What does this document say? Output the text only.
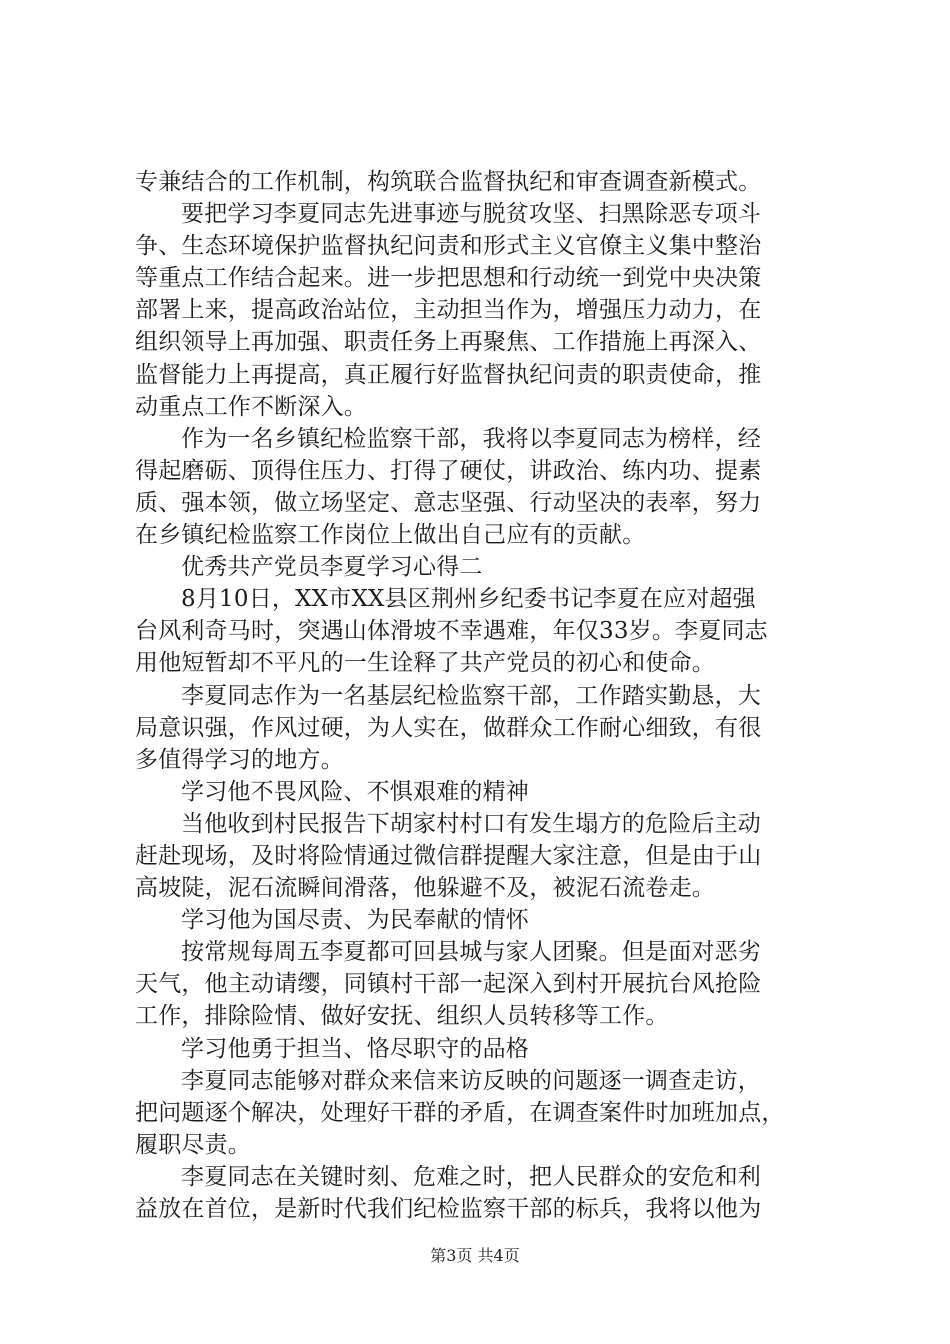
专兼结合的工作机制，构筑联合监督执纪和审查调查新模式。
要把学习李夏同志先进事迹与脱贫攻坚、扫黑除恶专项斗
争、生态环境保护监督执纪问责和形式主义官僚主义集中整治
等重点工作结合起来。进一步把思想和行动统一到党中央决策
部署上来，提高政治站位，主动担当作为，增强压力动力，在
组织领导上再加强、职责任务上再聚焦、工作措施上再深入、
监督能力上再提高，真正履行好监督执纪问责的职责使命，推
动重点工作不断深入。
作为一名乡镇纪检监察干部，我将以李夏同志为榜样，经
得起磨砺、顶得住压力、打得了硬仗，讲政治、练内功、提素
质、强本领，做立场坚定、意志坚强、行动坚决的表率，努力
在乡镇纪检监察工作岗位上做出自己应有的贡献。
优秀共产党员李夏学习心得二
8月10日，XX市XX县区荆州乡纪委书记李夏在应对超强
台风利奇马时，突遇山体滑坡不幸遇难，年仅33岁。李夏同志
用他短暂却不平凡的一生诠释了共产党员的初心和使命。
李夏同志作为一名基层纪检监察干部，工作踏实勤恳，大
局意识强，作风过硬，为人实在，做群众工作耐心细致，有很
多值得学习的地方。
学习他不畏风险、不惧艰难的精神
当他收到村民报告下胡家村村口有发生塌方的危险后主动
赶赴现场，及时将险情通过微信群提醒大家注意，但是由于山
高坡陡，泥石流瞬间滑落，他躲避不及，被泥石流卷走。
学习他为国尽责、为民奉献的情怀
按常规每周五李夏都可回县城与家人团聚。但是面对恶劣
天气，他主动请缨，同镇村干部一起深入到村开展抗台风抢险
工作，排除险情、做好安抚、组织人员转移等工作。
学习他勇于担当、恪尽职守的品格
李夏同志能够对群众来信来访反映的问题逐一调查走访，
把问题逐个解决，处理好干群的矛盾，在调查案件时加班加点，
履职尽责。
李夏同志在关键时刻、危难之时，把人民群众的安危和利
益放在首位，是新时代我们纪检监察干部的标兵，我将以他为
第3页 共4页
